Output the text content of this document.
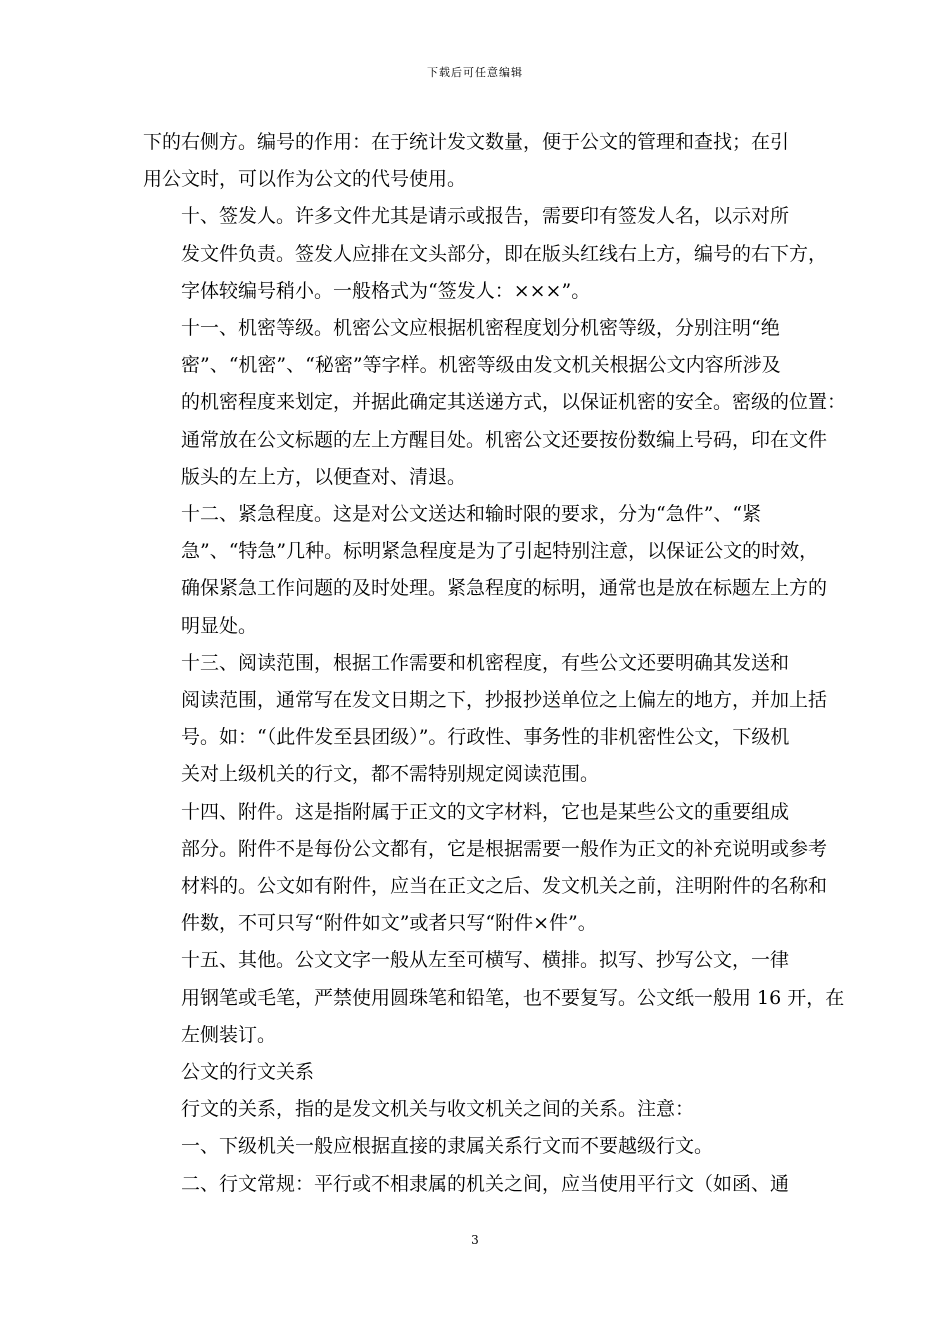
下载后可任意编辑

下的右侧方。编号的作用：在于统计发文数量，便于公文的管理和查找；在引
用公文时，可以作为公文的代号使用。

十、签发人。许多文件尤其是请示或报告，需要印有签发人名，以示对所
发文件负责。签发人应排在文头部分，即在版头红线右上方，编号的右下方，
字体较编号稍小。一般格式为“签发人：×××”。

十一、机密等级。机密公文应根据机密程度划分机密等级，分别注明“绝
密”、“机密”、“秘密”等字样。机密等级由发文机关根据公文内容所涉及
的机密程度来划定，并据此确定其送递方式，以保证机密的安全。密级的位置：
通常放在公文标题的左上方醒目处。机密公文还要按份数编上号码，印在文件
版头的左上方，以便查对、清退。

十二、紧急程度。这是对公文送达和输时限的要求，分为“急件”、“紧
急”、“特急”几种。标明紧急程度是为了引起特别注意，以保证公文的时效，
确保紧急工作问题的及时处理。紧急程度的标明，通常也是放在标题左上方的
明显处。

十三、阅读范围，根据工作需要和机密程度，有些公文还要明确其发送和
阅读范围，通常写在发文日期之下，抄报抄送单位之上偏左的地方，并加上括
号。如：“（此件发至县团级）”。行政性、事务性的非机密性公文，下级机
关对上级机关的行文，都不需特别规定阅读范围。

十四、附件。这是指附属于正文的文字材料，它也是某些公文的重要组成
部分。附件不是每份公文都有，它是根据需要一般作为正文的补充说明或参考
材料的。公文如有附件，应当在正文之后、发文机关之前，注明附件的名称和
件数，不可只写“附件如文”或者只写“附件×件”。

十五、其他。公文文字一般从左至可横写、横排。拟写、抄写公文，一律
用钢笔或毛笔，严禁使用圆珠笔和铅笔，也不要复写。公文纸一般用 16 开，在
左侧装订。

公文的行文关系

行文的关系，指的是发文机关与收文机关之间的关系。注意：

一、下级机关一般应根据直接的隶属关系行文而不要越级行文。

二、行文常规：平行或不相隶属的机关之间，应当使用平行文（如函、通

3
